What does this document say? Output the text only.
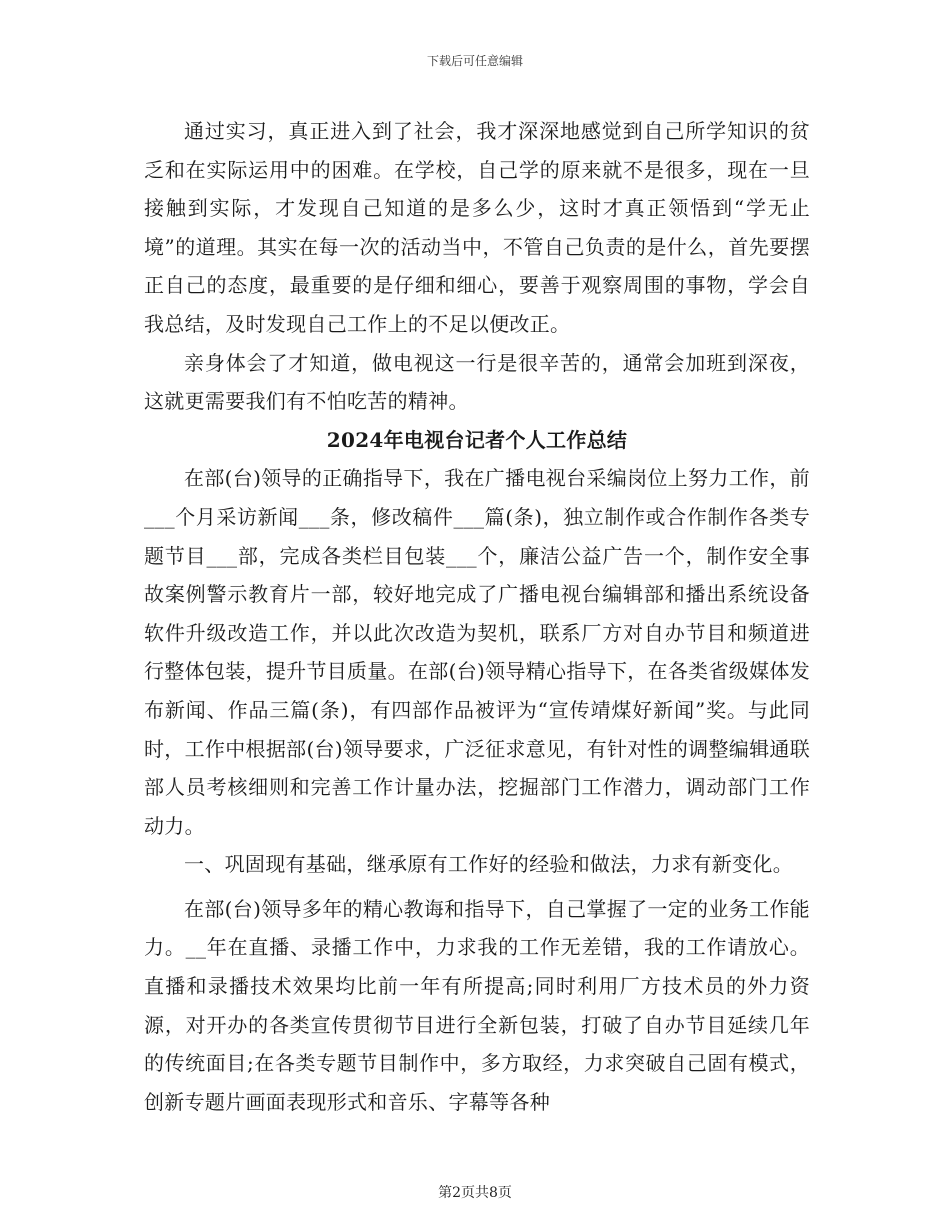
下载后可任意编辑

通过实习，真正进入到了社会，我才深深地感觉到自己所学知识的贫乏和在实际运用中的困难。在学校，自己学的原来就不是很多，现在一旦接触到实际，才发现自己知道的是多么少，这时才真正领悟到“学无止境”的道理。其实在每一次的活动当中，不管自己负责的是什么，首先要摆正自己的态度，最重要的是仔细和细心，要善于观察周围的事物，学会自我总结，及时发现自己工作上的不足以便改正。

亲身体会了才知道，做电视这一行是很辛苦的，通常会加班到深夜，这就更需要我们有不怕吃苦的精神。

2024年电视台记者个人工作总结

在部(台)领导的正确指导下，我在广播电视台采编岗位上努力工作，前___个月采访新闻___条，修改稿件___篇(条)，独立制作或合作制作各类专题节目___部，完成各类栏目包装___个，廉洁公益广告一个，制作安全事故案例警示教育片一部，较好地完成了广播电视台编辑部和播出系统设备软件升级改造工作，并以此次改造为契机，联系厂方对自办节目和频道进行整体包装，提升节目质量。在部(台)领导精心指导下，在各类省级媒体发布新闻、作品三篇(条)，有四部作品被评为“宣传靖煤好新闻”奖。与此同时，工作中根据部(台)领导要求，广泛征求意见，有针对性的调整编辑通联部人员考核细则和完善工作计量办法，挖掘部门工作潜力，调动部门工作动力。

一、巩固现有基础，继承原有工作好的经验和做法，力求有新变化。

在部(台)领导多年的精心教诲和指导下，自己掌握了一定的业务工作能力。__年在直播、录播工作中，力求我的工作无差错，我的工作请放心。直播和录播技术效果均比前一年有所提高;同时利用厂方技术员的外力资源，对开办的各类宣传贯彻节目进行全新包装，打破了自办节目延续几年的传统面目;在各类专题节目制作中，多方取经，力求突破自己固有模式，创新专题片画面表现形式和音乐、字幕等各种

第2页共8页
